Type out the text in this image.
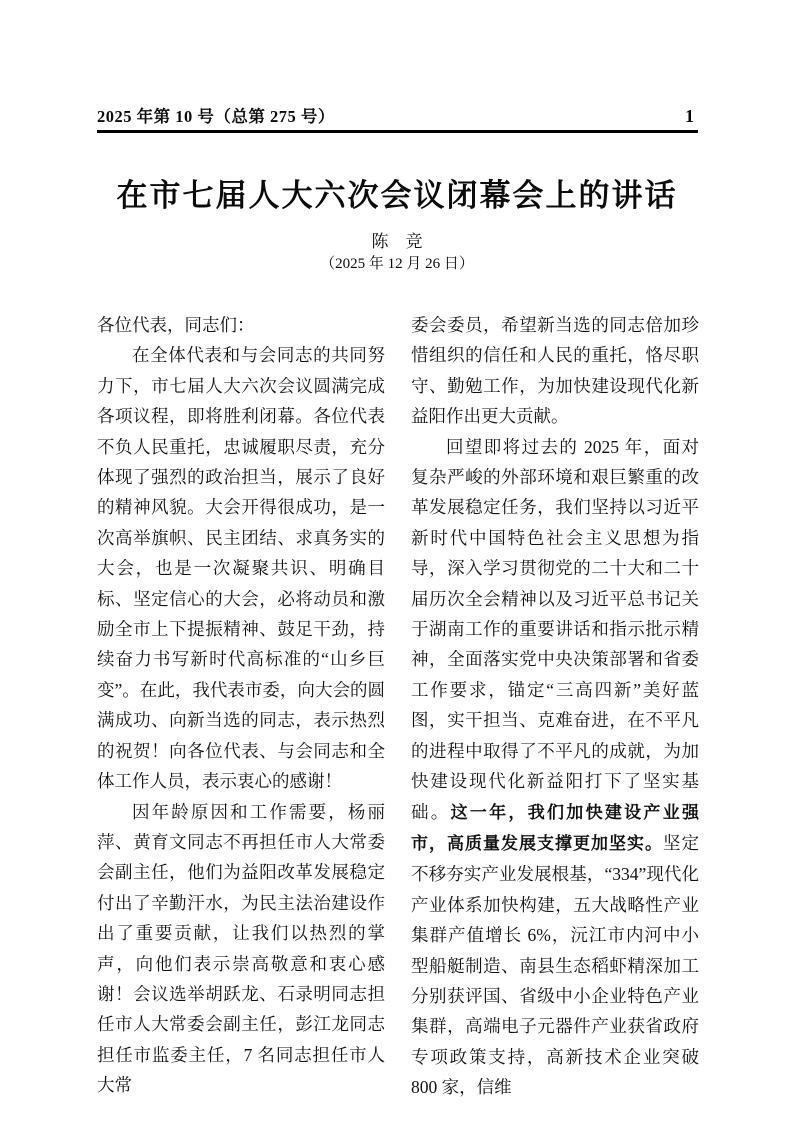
2025 年第 10 号（总第 275 号）	1
在市七届人大六次会议闭幕会上的讲话
陈　竞
（2025 年 12 月 26 日）

各位代表，同志们：

在全体代表和与会同志的共同努力下，市七届人大六次会议圆满完成各项议程，即将胜利闭幕。各位代表不负人民重托，忠诚履职尽责，充分体现了强烈的政治担当，展示了良好的精神风貌。大会开得很成功，是一次高举旗帜、民主团结、求真务实的大会，也是一次凝聚共识、明确目标、坚定信心的大会，必将动员和激励全市上下提振精神、鼓足干劲，持续奋力书写新时代高标准的“山乡巨变”。在此，我代表市委，向大会的圆满成功、向新当选的同志，表示热烈的祝贺！向各位代表、与会同志和全体工作人员，表示衷心的感谢！

因年龄原因和工作需要，杨丽萍、黄育文同志不再担任市人大常委会副主任，他们为益阳改革发展稳定付出了辛勤汗水，为民主法治建设作出了重要贡献，让我们以热烈的掌声，向他们表示崇高敬意和衷心感谢！会议选举胡跃龙、石录明同志担任市人大常委会副主任，彭江龙同志担任市监委主任，7 名同志担任市人大常

委会委员，希望新当选的同志倍加珍惜组织的信任和人民的重托，恪尽职守、勤勉工作，为加快建设现代化新益阳作出更大贡献。

回望即将过去的 2025 年，面对复杂严峻的外部环境和艰巨繁重的改革发展稳定任务，我们坚持以习近平新时代中国特色社会主义思想为指导，深入学习贯彻党的二十大和二十届历次全会精神以及习近平总书记关于湖南工作的重要讲话和指示批示精神，全面落实党中央决策部署和省委工作要求，锚定“三高四新”美好蓝图，实干担当、克难奋进，在不平凡的进程中取得了不平凡的成就，为加快建设现代化新益阳打下了坚实基础。这一年，我们加快建设产业强市，高质量发展支撑更加坚实。坚定不移夯实产业发展根基，“334”现代化产业体系加快构建，五大战略性产业集群产值增长 6%，沅江市内河中小型船艇制造、南县生态稻虾精深加工分别获评国、省级中小企业特色产业集群，高端电子元器件产业获省政府专项政策支持，高新技术企业突破 800 家，信维
